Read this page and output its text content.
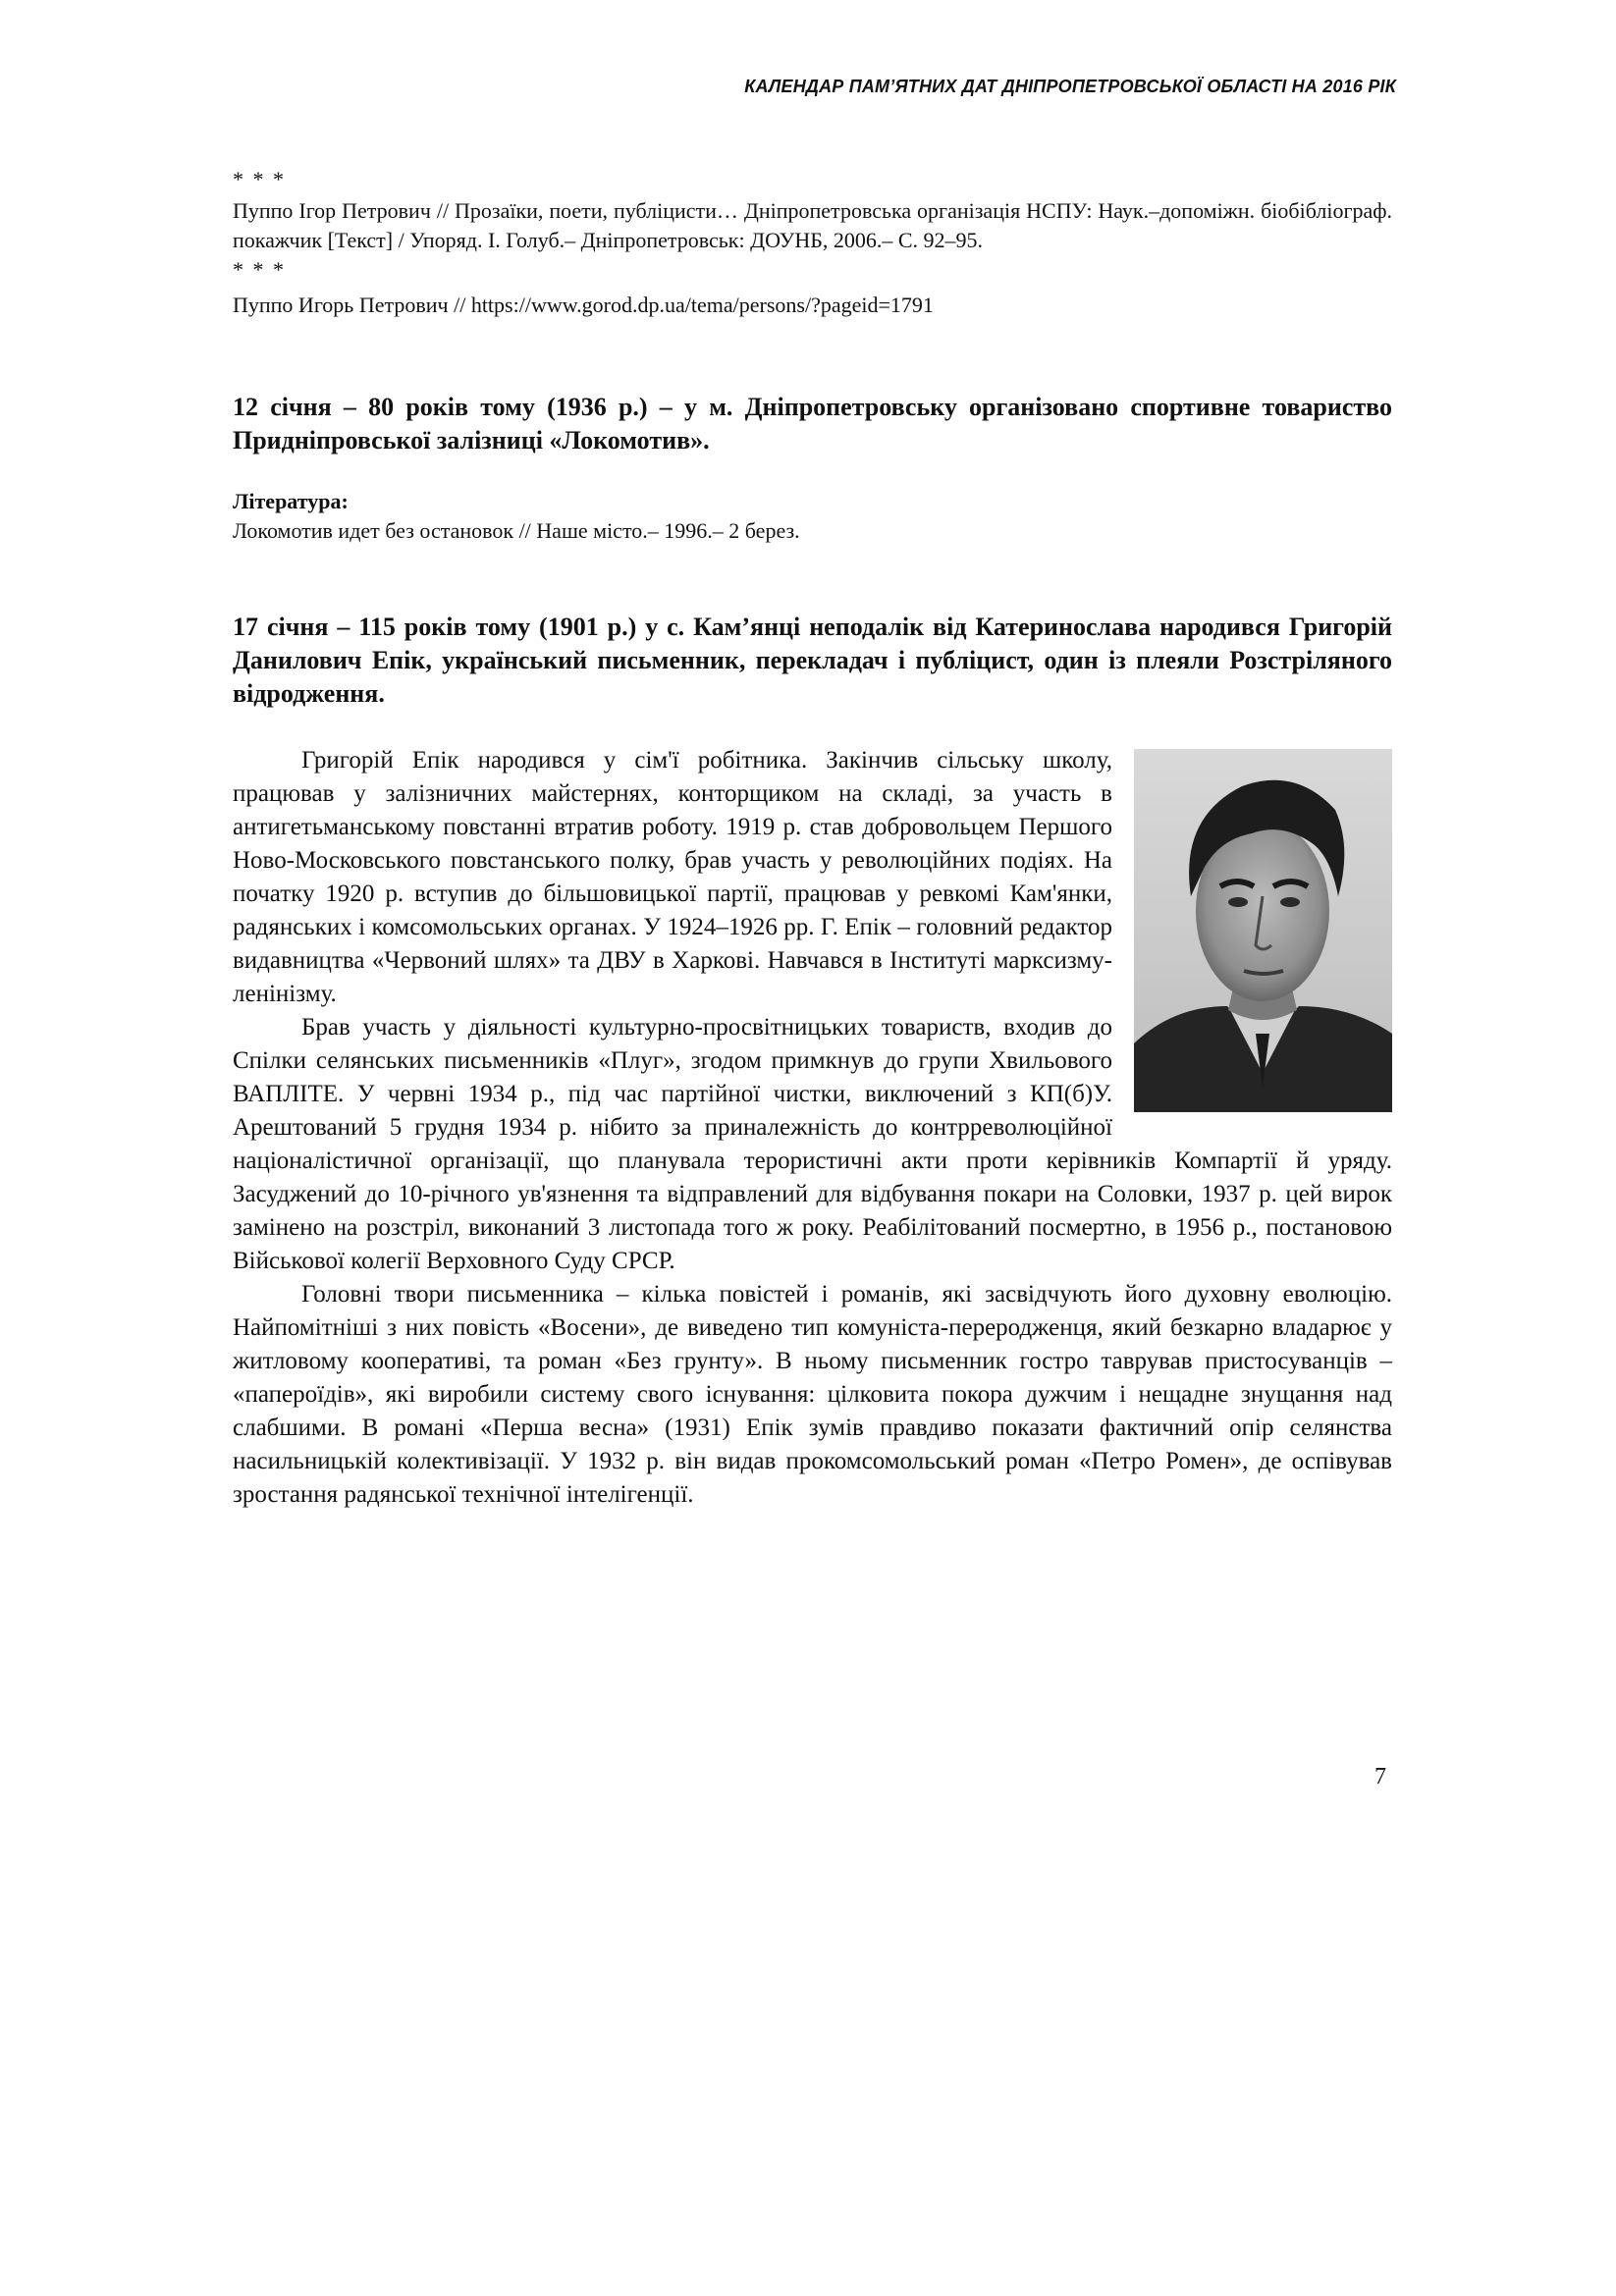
КАЛЕНДАР ПАМ’ЯТНИХ ДАТ ДНІПРОПЕТРОВСЬКОЇ ОБЛАСТІ НА 2016 РІК
* * *
Пуппо Ігор Петрович // Прозаїки, поети, публіцисти… Дніпропетровська організація НСПУ: Наук.–допоміжн. біобібліограф. покажчик [Текст] / Упоряд. І. Голуб.– Дніпропетровськ: ДОУНБ, 2006.– С. 92–95.
* * *
Пуппо Игорь Петрович // https://www.gorod.dp.ua/tema/persons/?pageid=1791

12 січня – 80 років тому (1936 р.) – у м. Дніпропетровську організовано спортивне товариство Придніпровської залізниці «Локомотив».

Література:
Локомотив идет без остановок // Наше місто.– 1996.– 2 берез.

17 січня – 115 років тому (1901 р.) у с. Кам’янці неподалік від Катеринослава народився Григорій Данилович Епік, український письменник, перекладач і публіцист, один із плеяли Розстріляного відродження.

Григорій Епік народився у сім'ї робітника. Закінчив сільську школу, працював у залізничних майстернях, конторщиком на складі, за участь в антигетьманському повстанні втратив роботу. 1919 р. став добровольцем Першого Ново-Московського повстанського полку, брав участь у революційних подіях. На початку 1920 р. вступив до більшовицької партії, працював у ревкомі Кам'янки, радянських і комсомольських органах. У 1924–1926 рр. Г. Епік – головний редактор видавництва «Червоний шлях» та ДВУ в Харкові. Навчався в Інституті марксизму-ленінізму.

Брав участь у діяльності культурно-просвітницьких товариств, входив до Спілки селянських письменників «Плуг», згодом примкнув до групи Хвильового ВАПЛІТЕ. У червні 1934 р., під час партійної чистки, виключений з КП(б)У. Арештований 5 грудня 1934 р. нібито за приналежність до контрреволюційної націоналістичної організації, що планувала терористичні акти проти керівників Компартії й уряду. Засуджений до 10-річного ув'язнення та відправлений для відбування покари на Соловки, 1937 р. цей вирок замінено на розстріл, виконаний 3 листопада того ж року. Реабілітований посмертно, в 1956 р., постановою Військової колегії Верховного Суду СРСР.

Головні твори письменника – кілька повістей і романів, які засвідчують його духовну еволюцію. Найпомітніші з них повість «Восени», де виведено тип комуніста-переродженця, який безкарно владарює у житловому кооперативі, та роман «Без грунту». В ньому письменник гостро таврував пристосуванців – «папероїдів», які виробили систему свого існування: цілковита покора дужчим і нещадне знущання над слабшими. В романі «Перша весна» (1931) Епік зумів правдиво показати фактичний опір селянства насильницькій колективізації. У 1932 р. він видав прокомсомольський роман «Петро Ромен», де оспівував зростання радянської технічної інтелігенції.

7
